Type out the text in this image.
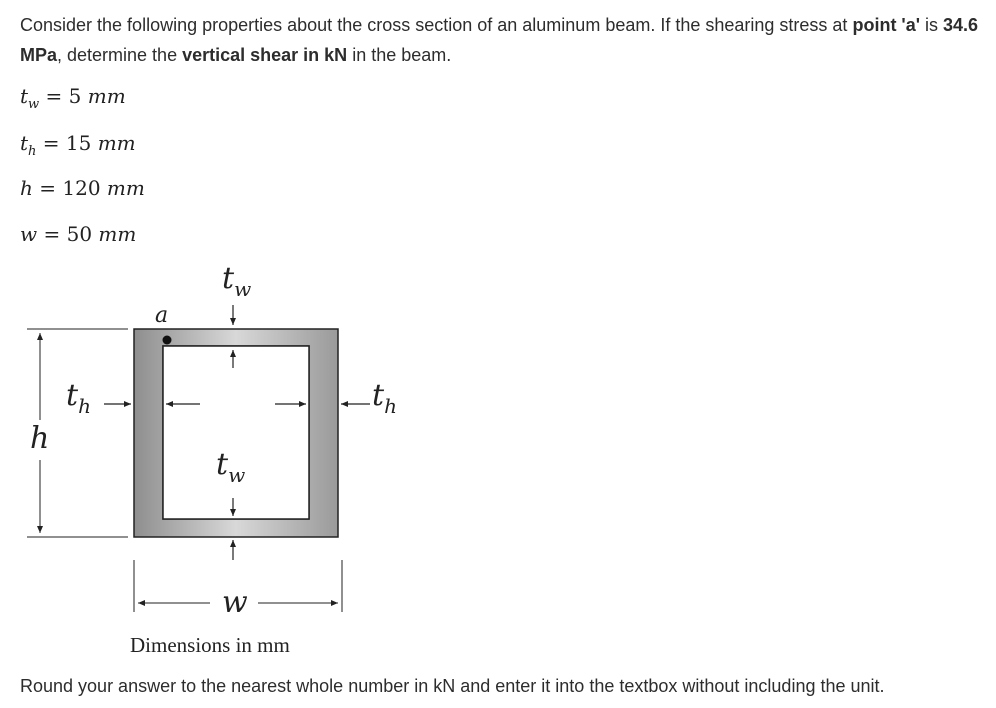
Consider the following properties about the cross section of an aluminum beam. If the shearing stress at point 'a' is 34.6 MPa, determine the vertical shear in kN in the beam.
$t_w = 5$ mm
$t_h = 15$ mm
h = 120 mm
w = 50 mm
a
$t_w$
$t_h$	$t_h$
h
$t_w$
w
Dimensions in mm
Round your answer to the nearest whole number in kN and enter it into the textbox without including the unit.
